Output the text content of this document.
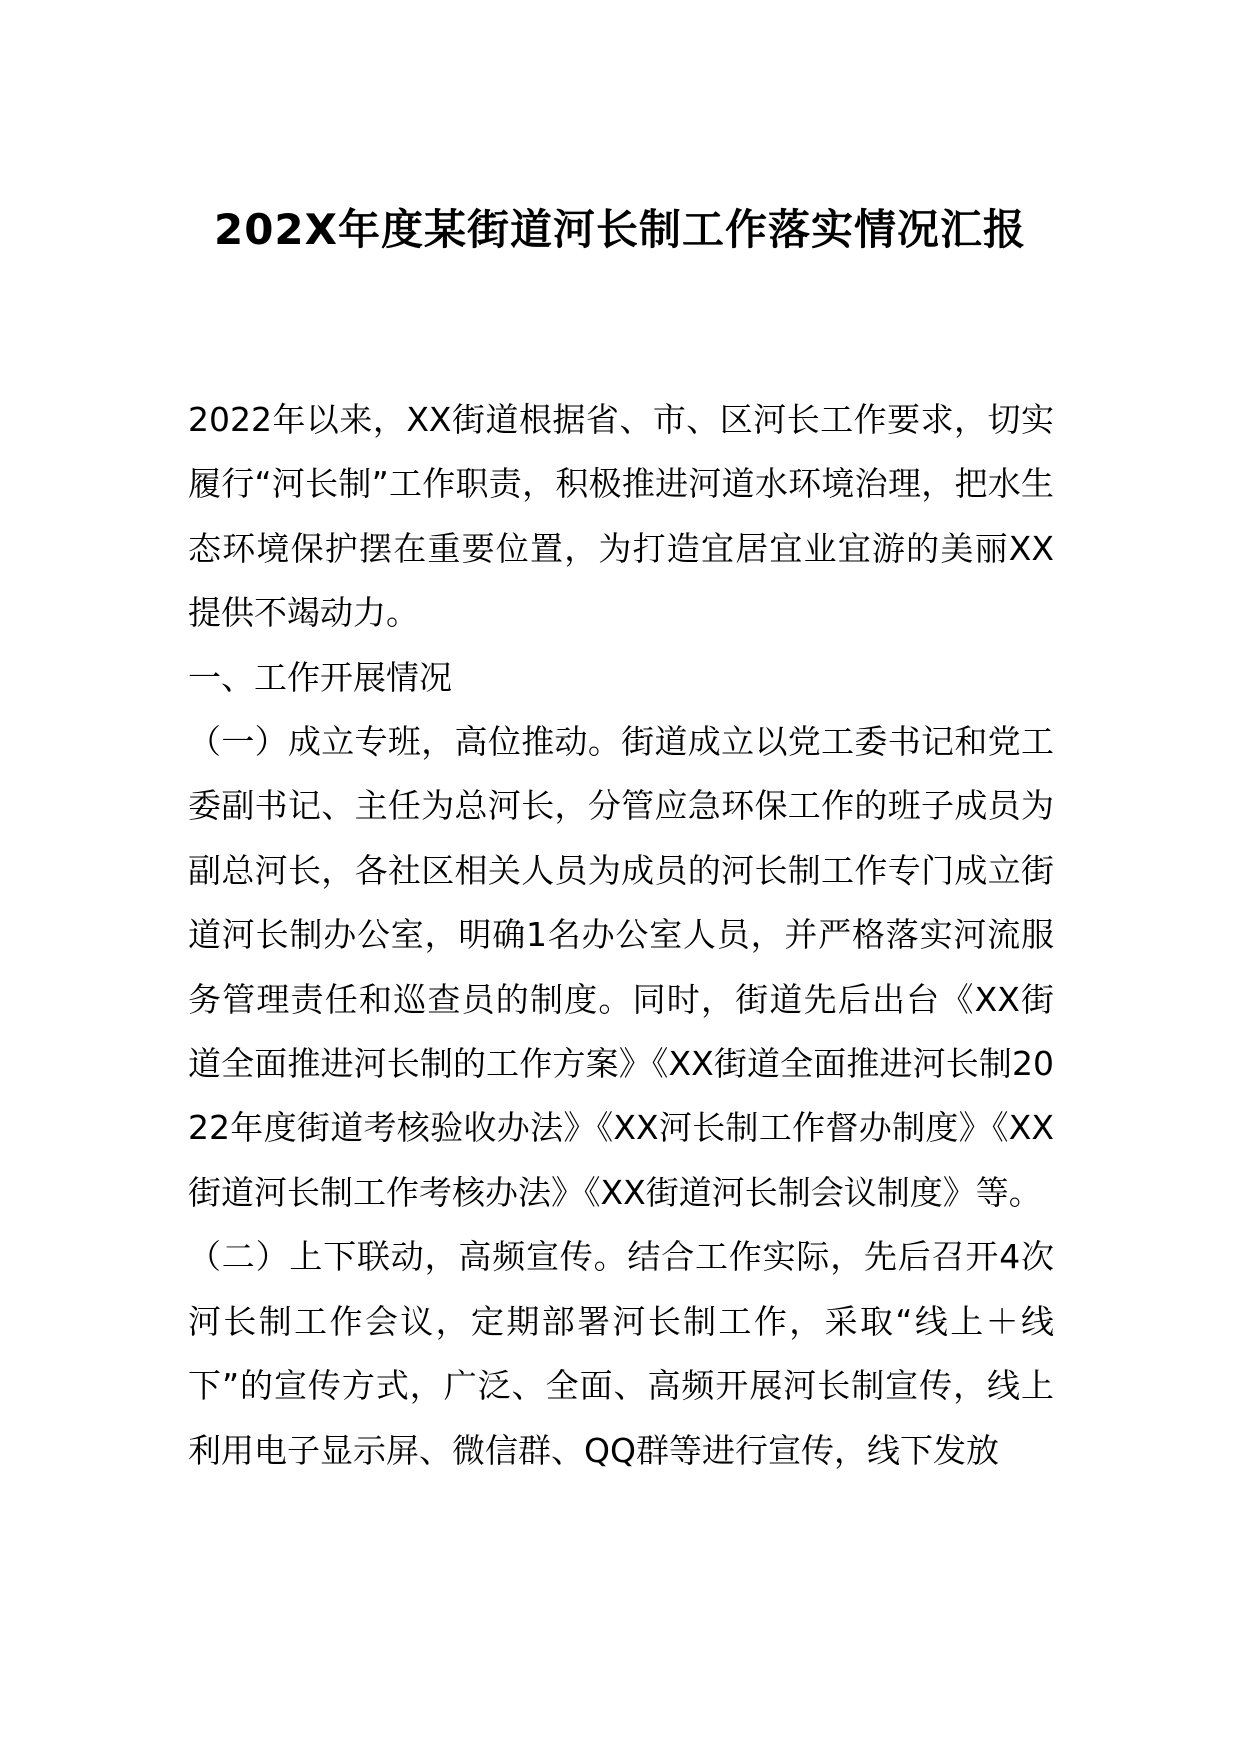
202X年度某街道河长制工作落实情况汇报

2022年以来，XX街道根据省、市、区河长工作要求，切实履行“河长制”工作职责，积极推进河道水环境治理，把水生态环境保护摆在重要位置，为打造宜居宜业宜游的美丽XX提供不竭动力。

一、工作开展情况

（一）成立专班，高位推动。街道成立以党工委书记和党工委副书记、主任为总河长，分管应急环保工作的班子成员为副总河长，各社区相关人员为成员的河长制工作专门成立街道河长制办公室，明确1名办公室人员，并严格落实河流服务管理责任和巡查员的制度。同时，街道先后出台《XX街道全面推进河长制的工作方案》《XX街道全面推进河长制2022年度街道考核验收办法》《XX河长制工作督办制度》《XX街道河长制工作考核办法》《XX街道河长制会议制度》等。

（二）上下联动，高频宣传。结合工作实际，先后召开4次河长制工作会议，定期部署河长制工作，采取“线上＋线下”的宣传方式，广泛、全面、高频开展河长制宣传，线上利用电子显示屏、微信群、QQ群等进行宣传，线下发放
